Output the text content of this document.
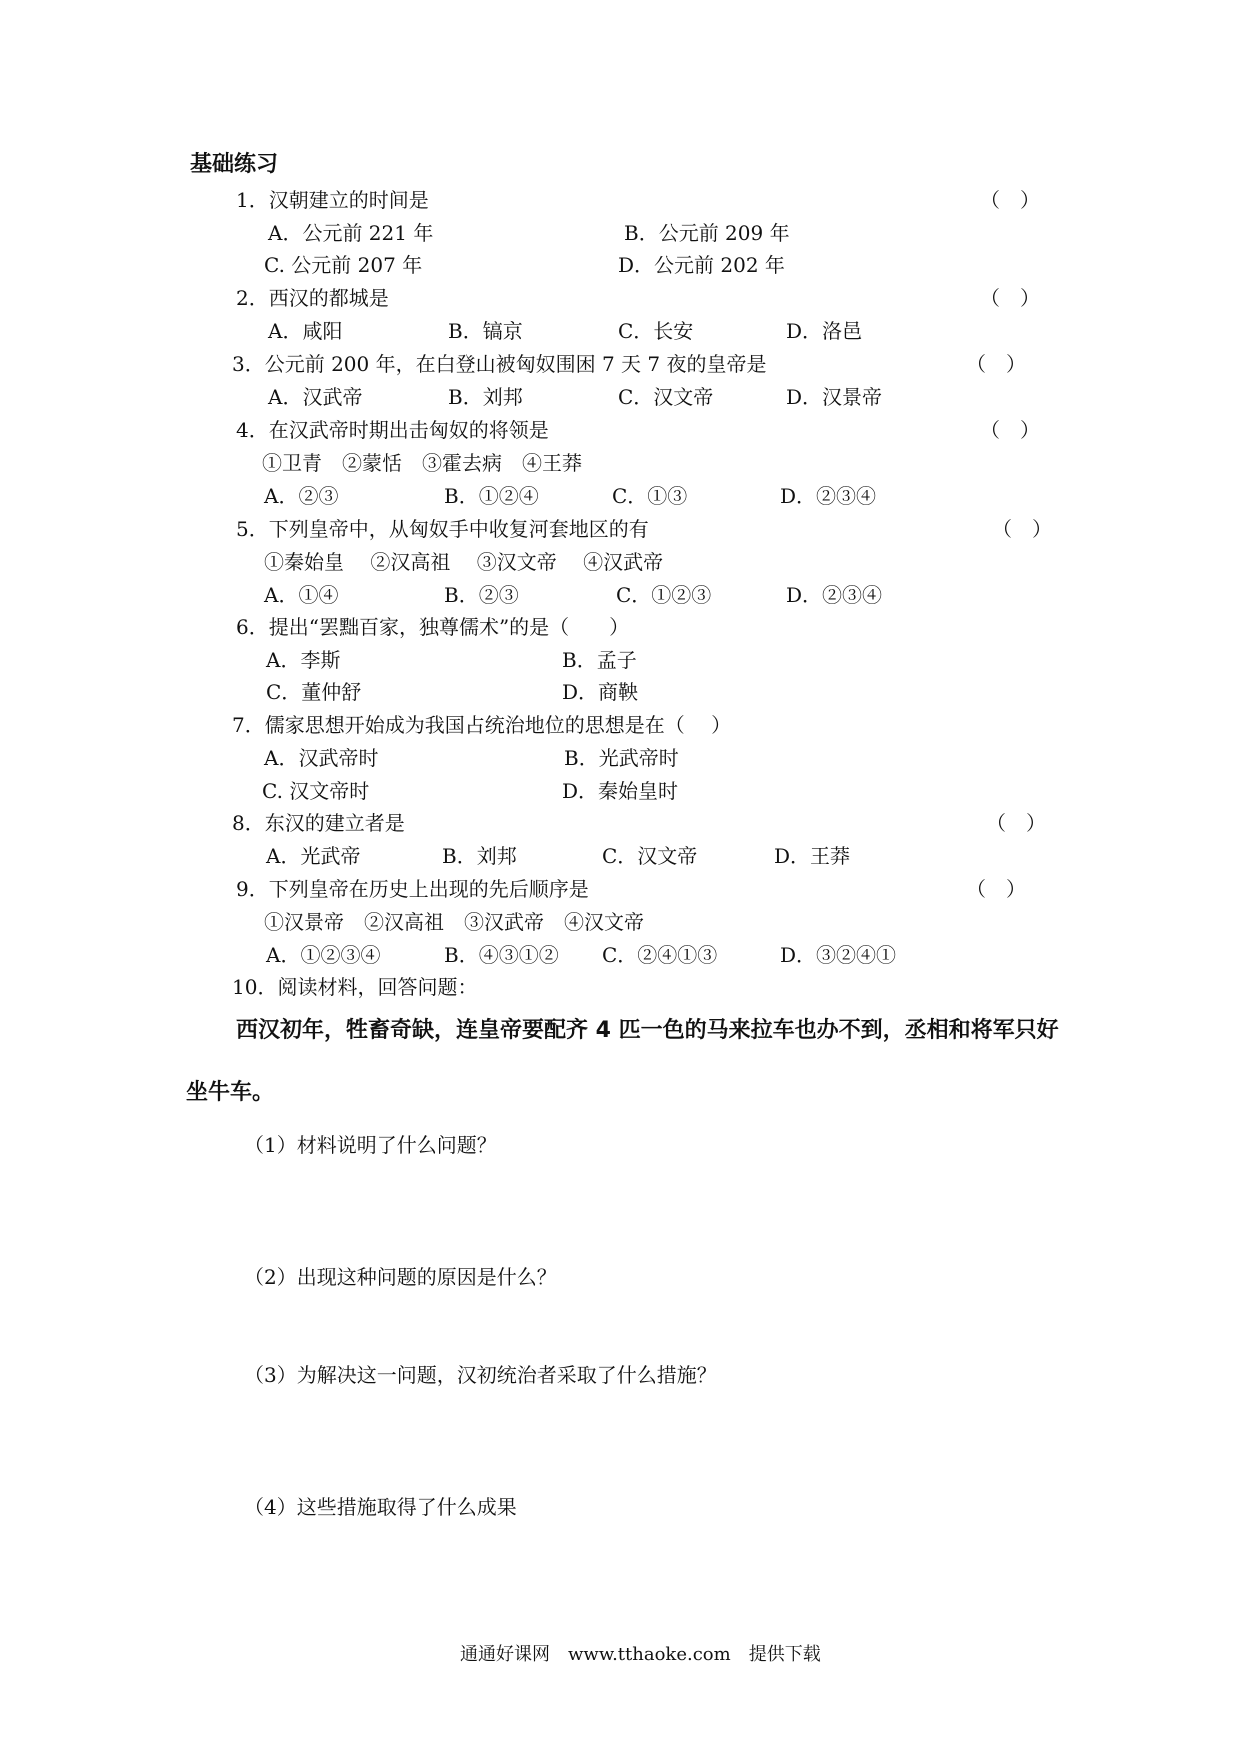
基础练习
1．汉朝建立的时间是	（　）
A．公元前 221 年	B．公元前 209 年
C. 公元前 207 年	D．公元前 202 年
2．西汉的都城是	（　）
A．咸阳	B．镐京	C．长安	D．洛邑
3．公元前 200 年，在白登山被匈奴围困 7 天 7 夜的皇帝是	（　）
A．汉武帝	B．刘邦	C．汉文帝	D．汉景帝
4．在汉武帝时期出击匈奴的将领是	（　）
①卫青　②蒙恬　③霍去病　④王莽
A．②③	B．①②④	C．①③	D．②③④
5．下列皇帝中，从匈奴手中收复河套地区的有	（　）
①秦始皇　 ②汉高祖　 ③汉文帝　 ④汉武帝
A．①④	B．②③	C．①②③	D．②③④
6．提出“罢黜百家，独尊儒术”的是（　　）
A．李斯	B．孟子
C．董仲舒	D．商鞅
7．儒家思想开始成为我国占统治地位的思想是在（　 ）
A．汉武帝时	B．光武帝时
C. 汉文帝时	D．秦始皇时
8．东汉的建立者是	（　）
A．光武帝	B．刘邦	C．汉文帝	D．王莽
9．下列皇帝在历史上出现的先后顺序是	（　）
①汉景帝　②汉高祖　③汉武帝　④汉文帝
A．①②③④	B．④③①② C．②④①③	D．③②④①
10．阅读材料，回答问题：
西汉初年，牲畜奇缺，连皇帝要配齐 4 匹一色的马来拉车也办不到，丞相和将军只好
坐牛车。
（1）材料说明了什么问题？
（2）出现这种问题的原因是什么？
（3）为解决这一问题，汉初统治者采取了什么措施？
（4）这些措施取得了什么成果
通通好课网　www.tthaoke.com　提供下载
